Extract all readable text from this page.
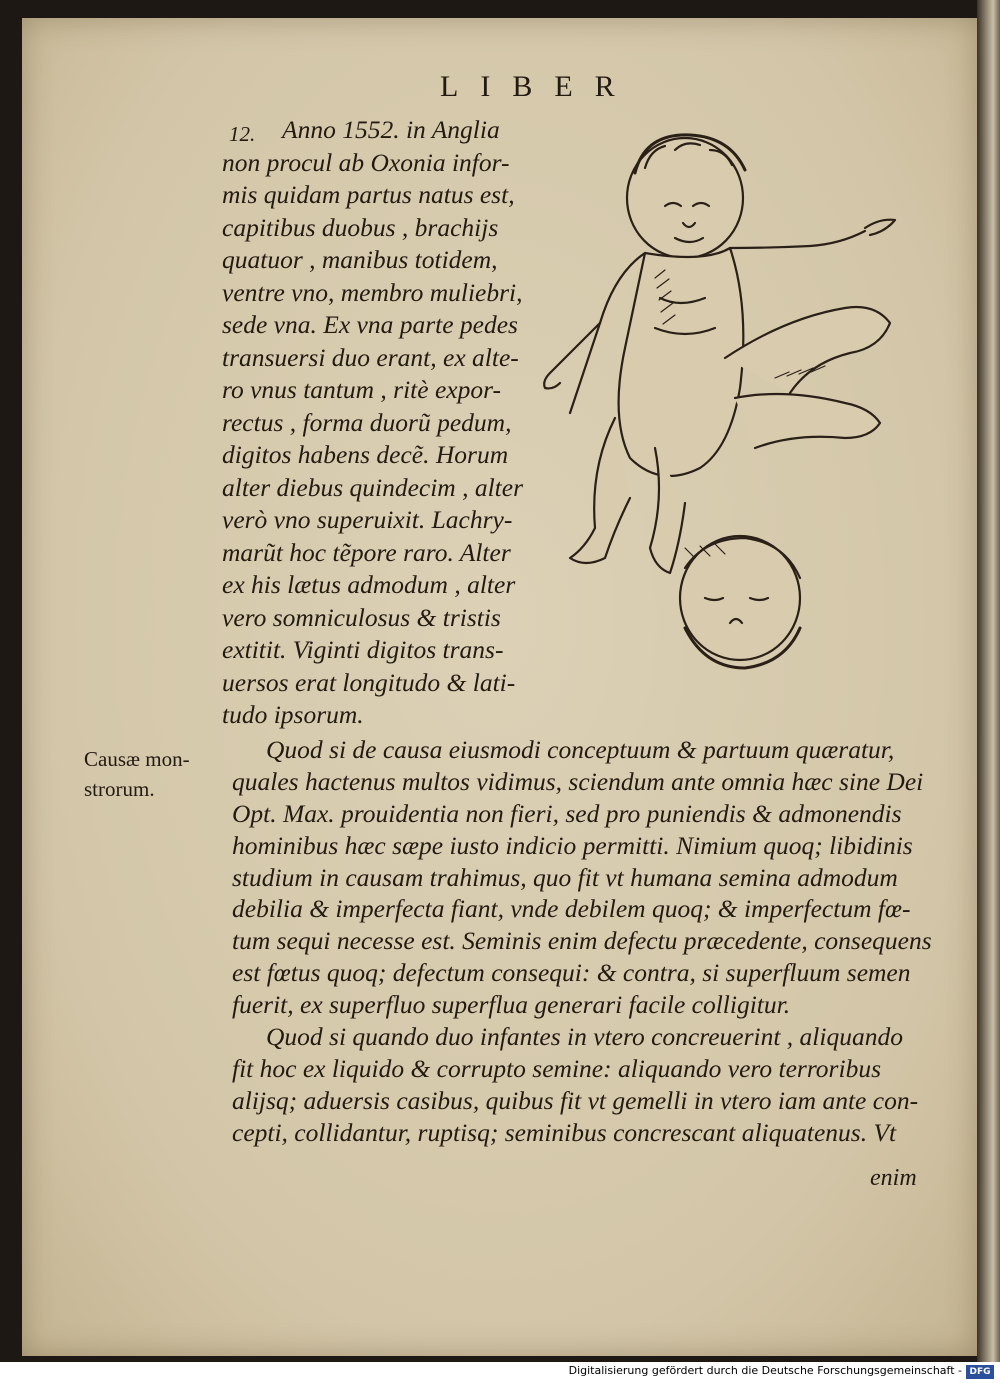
LIBER
12.	Anno 1552. in Anglia
non procul ab Oxonia infor-
mis quidam partus natus est,
capitibus duobus , brachijs
quatuor , manibus totidem,
ventre vno, membro muliebri,
sede vna. Ex vna parte pedes
transuersi duo erant, ex alte-
ro vnus tantum , ritè expor-
rectus , forma duorũ pedum,
digitos habens decẽ. Horum
alter diebus quindecim , alter
verò vno superuixit. Lachry-
marũt hoc tẽpore raro. Alter
ex his lætus admodum , alter
vero somniculosus & tristis
extitit. Viginti digitos trans-
uersos erat longitudo & lati-
tudo ipsorum.
Causæ mon-
strorum.
Quod si de causa eiusmodi conceptuum & partuum quæratur,
quales hactenus multos vidimus, sciendum ante omnia hæc sine Dei
Opt. Max. prouidentia non fieri, sed pro puniendis & admonendis
hominibus hæc sæpe iusto indicio permitti. Nimium quoq; libidinis
studium in causam trahimus, quo fit vt humana semina admodum
debilia & imperfecta fiant, vnde debilem quoq; & imperfectum fœ-
tum sequi necesse est. Seminis enim defectu præcedente, consequens
est fœtus quoq; defectum consequi: & contra, si superfluum semen
fuerit, ex superfluo superflua generari facile colligitur.
Quod si quando duo infantes in vtero concreuerint , aliquando
fit hoc ex liquido & corrupto semine: aliquando vero terroribus
alijsq; aduersis casibus, quibus fit vt gemelli in vtero iam ante con-
cepti, collidantur, ruptisq; seminibus concrescant aliquatenus. Vt
enim
Digitalisierung gefördert durch die Deutsche Forschungsgemeinschaft - DFG
